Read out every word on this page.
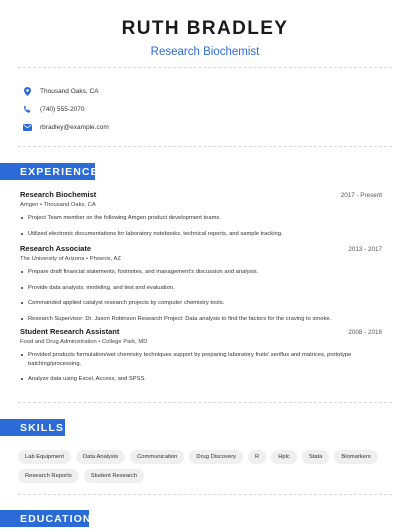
RUTH BRADLEY
Research Biochemist
Thousand Oaks, CA
(740) 555-2070
rbradley@example.com
EXPERIENCE
Research Biochemist	2017 - Present
Amgen • Thousand Oaks, CA
Project Team member on the following Amgen product development teams.
Utilized electronic documentations for laboratory notebooks, technical reports, and sample tracking.
Research Associate	2013 - 2017
The University of Arizona • Phoenix, AZ
Prepare draft financial statements, footnotes, and management's discussion and analysis.
Provide data analysis, modeling, and test and evaluation.
Commanded applied catalyst research projects by computer chemistry tools.
Research Supervisor: Dr. Jason Robinson Research Project: Data analysis to find the factors for the craving to smoke.
Student Research Assistant	2008 - 2016
Food and Drug Administration • College Park, MD
Provided products formulation/wet chemistry techniques support by preparing laboratory fruits' seriflux and matrices, prototype batching/processing.
Analyze data using Excel, Access, and SPSS.
SKILLS
Lab Equipment	Data Analysis	Communication	Drug Discovery	R	Hplc	Stata	Biomarkers
Research Reports	Student Research
EDUCATION
